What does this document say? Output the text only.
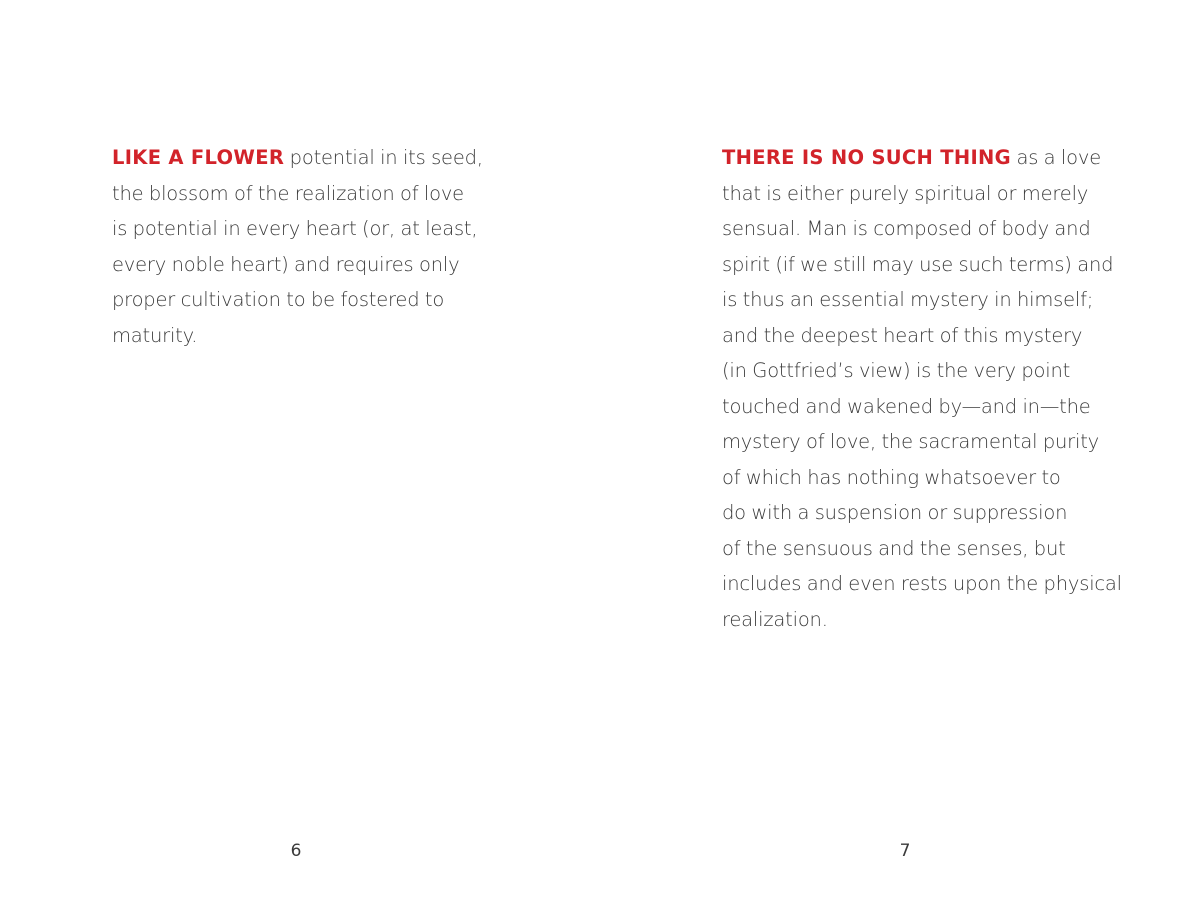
LIKE A FLOWER potential in its seed,
the blossom of the realization of love
is potential in every heart (or, at least,
every noble heart) and requires only
proper cultivation to be fostered to
maturity.

6

THERE IS NO SUCH THING as a love
that is either purely spiritual or merely
sensual. Man is composed of body and
spirit (if we still may use such terms) and
is thus an essential mystery in himself;
and the deepest heart of this mystery
(in Gottfried’s view) is the very point
touched and wakened by—and in—the
mystery of love, the sacramental purity
of which has nothing whatsoever to
do with a suspension or suppression
of the sensuous and the senses, but
includes and even rests upon the physical
realization.

7
